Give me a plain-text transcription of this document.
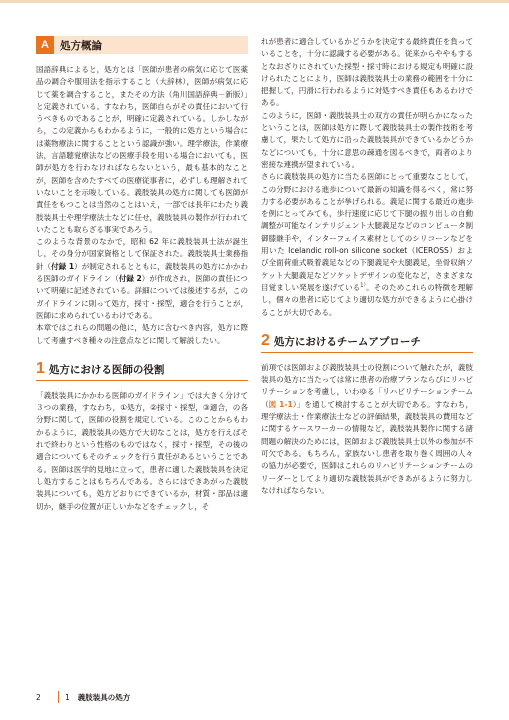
A	処方概論

国語辞典によると，処方とは「医師が患者の病気に応じて医薬品の調合や服用法を指示すること（大辞林），医師が病気に応じて薬を調合すること，またその方法（角川国語辞典－新版）」と定義されている。すなわち，医師自らがその責任において行うべきものであることが，明確に定義されている。しかしながら，この定義からもわかるように，一般的に処方という場合には薬物療法に関することという認識が強い。理学療法，作業療法，言語聴覚療法などの医療手段を用いる場合においても，医師が処方を行わなければならないという，最も基本的なことが，医師を含めたすべての医療従事者に，必ずしも理解されていないことを示唆している。義肢装具の処方に関しても医師が責任をもつことは当然のことはいえ，一部では長年にわたり義肢装具士や理学療法士などに任せ，義肢装具の製作が行われていたことも取らざる事実であろう。

このような背景のなかで，昭和 62 年に義肢装具士法が誕生し，その身分が国家資格として保証された。義肢装具士業務指針（付録 1）が制定されるとともに，義肢装具の処方にかかわる医師のガイドライン（付録 2）が作成され，医師の責任について明確に記述されている。詳細については後述するが，このガイドラインに則って処方，採寸・採型，適合を行うことが，医師に求められているわけである。

本章ではこれらの問題の他に，処方に含むべき内容，処方に際して考慮すべき種々の注意点などに関して解説したい。

1 処方における医師の役割

「義肢装具にかかわる医師のガイドライン」では大きく分けて３つの業務，すなわち，①処方，②採寸・採型，③適合，の各分野に関して，医師の役割を規定している。このことからもわかるように，義肢装具の処方で大切なことは，処方を行えばそれで終わりという性格のものではなく，採寸・採型，その後の適合についてもそのチェックを行う責任があるということである。医師は医学的見地に立って，患者に適した義肢装具を決定し処方することはもちろんである。さらにはできあがった義肢装具についても，処方どおりにできているか，材質・部品は適切か，継手の位置が正しいかなどをチェックし，そ

れが患者に適合しているかどうかを決定する最終責任を負っていることを，十分に認識する必要がある。従来からややもするとなおざりにされていた採型・採寸時における規定も明確に設けられたことにより，医師は義肢装具士の業務の範囲を十分に把握して，円滑に行われるように対処すべき責任もあるわけである。

このように，医師・義肢装具士の双方の責任が明らかになったということは，医師は処方に際して義肢装具士の製作技術を考慮して，果たして処方に沿った義肢装具ができているかどうかなどについても，十分に意思の疎通を図るべきで，両者のより密接な連携が望まれている。

さらに義肢装具の処方に当たる医師にとって重要なことして，この分野における進歩について最新の知識を得るべく，常に努力する必要があることが挙げられる。義足に関する最近の進歩を例にとってみても，歩行速度に応じて下腿の振り出しの自動調整が可能なインテリジェント大腿義足などのコンピュータ制御膝継手や，インターフェイス素材としてのシリコーンなどを用いた Icelandic roll-on silicone socket（ICEROSS）および全面荷重式吸着義足などの下腿義足や大腿義足，坐骨収納ソケット大腿義足などソケットデザインの変化など，さまざまな目覚ましい発展を遂げている$^{1)}$。そのためこれらの特徴を理解し，個々の患者に応じてより適切な処方ができるように心掛けることが大切である。

2 処方におけるチームアプローチ

前項では医師および義肢装具士の役割について触れたが，義肢装具の処方に当たっては常に患者の治療プランならびにリハビリテーションを考慮し，いわゆる「リハビリテーションチーム（図 1-1）」を通して検討することが大切である。すなわち，理学療法士・作業療法士などの評価結果，義肢装具の費用などに関するケースワーカーの情報など，義肢装具製作に関する諸問題の解決のためには，医師および義肢装具士以外の参加が不可欠である。もちろん，家族ないし患者を取り巻く周囲の人々の協力が必要で，医師はこれらのリハビリテーションチームのリーダーとしてより適切な義肢装具ができあがるように努力しなければならない。

2	1 義肢装具の処方
